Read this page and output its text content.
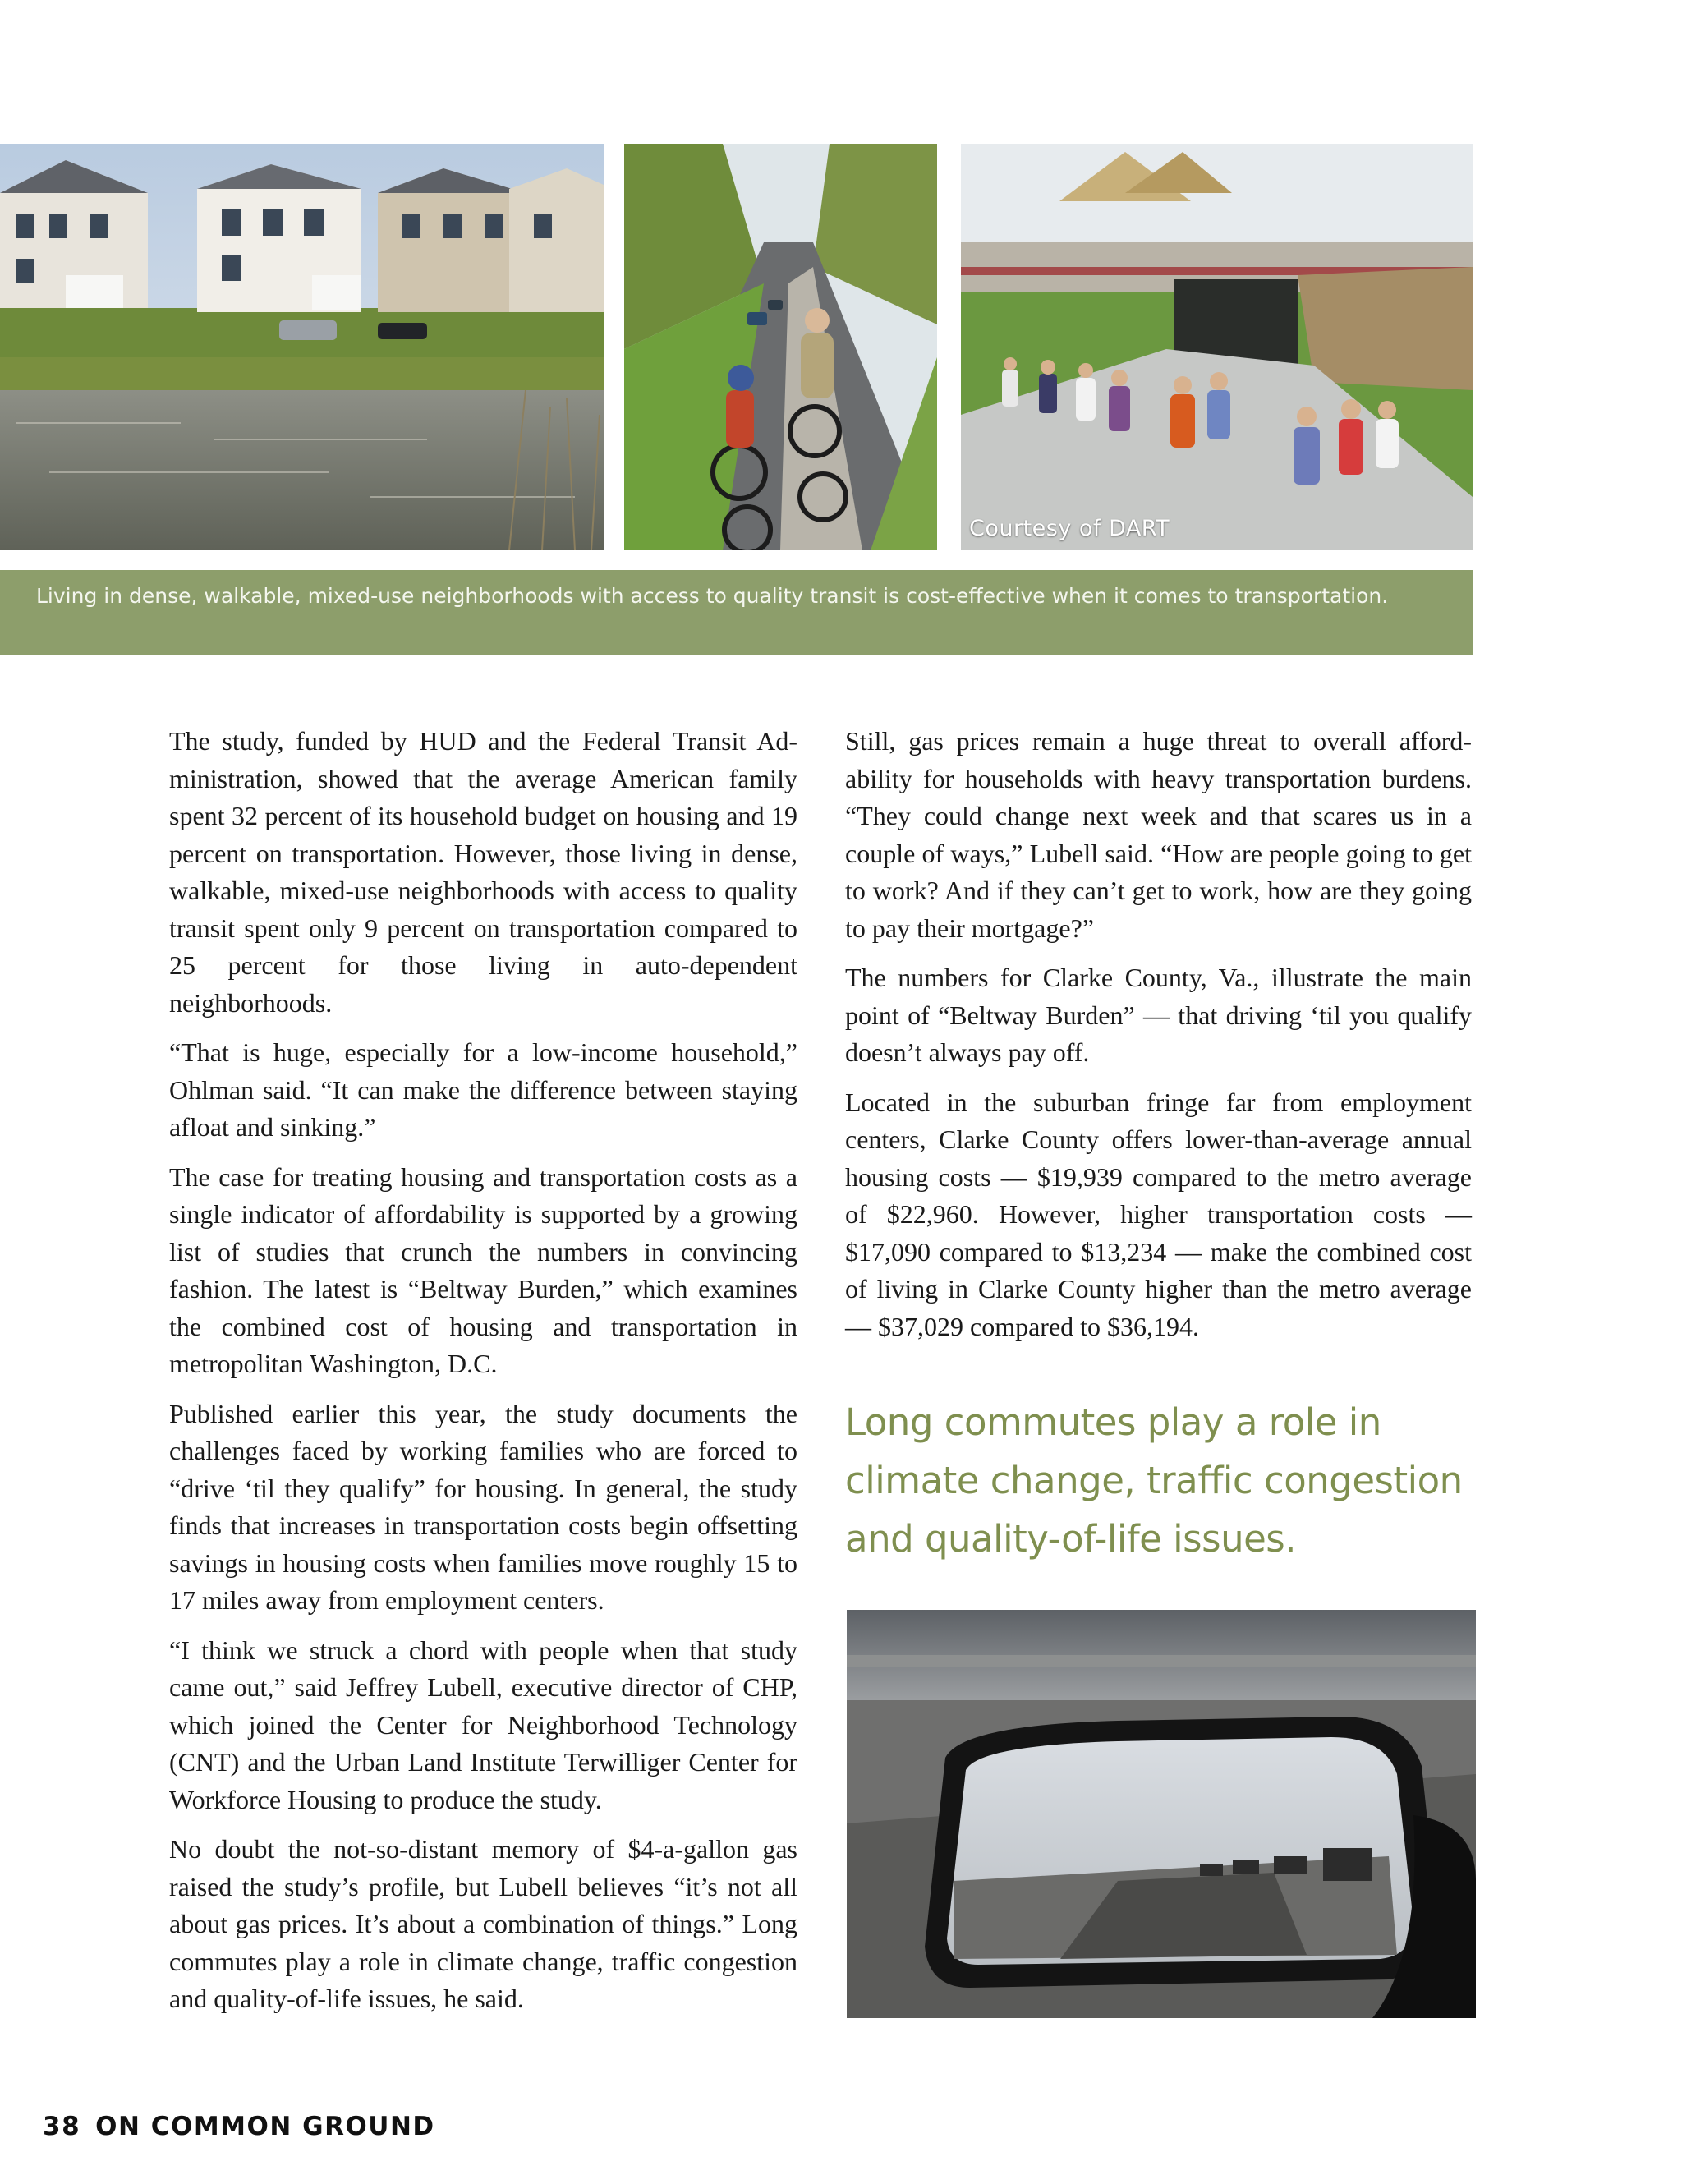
Courtesy of DART
Living in dense, walkable, mixed-use neighborhoods with access to quality transit is cost-effective when it comes to transportation.

The study, funded by HUD and the Federal Transit Administration, showed that the average American family spent 32 percent of its household budget on housing and 19 percent on transportation. However, those living in dense, walkable, mixed-use neighborhoods with access to quality transit spent only 9 percent on transportation compared to 25 percent for those living in auto-dependent neighborhoods.

“That is huge, especially for a low-income household,” Ohlman said. “It can make the difference between staying afloat and sinking.”

The case for treating housing and transportation costs as a single indicator of affordability is supported by a growing list of studies that crunch the numbers in convincing fashion. The latest is “Beltway Burden,” which examines the combined cost of housing and transportation in metropolitan Washington, D.C.

Published earlier this year, the study documents the challenges faced by working families who are forced to “drive ‘til they qualify” for housing. In general, the study finds that increases in transportation costs begin offsetting savings in housing costs when families move roughly 15 to 17 miles away from employment centers.

“I think we struck a chord with people when that study came out,” said Jeffrey Lubell, executive director of CHP, which joined the Center for Neighborhood Technology (CNT) and the Urban Land Institute Terwilliger Center for Workforce Housing to produce the study.

No doubt the not-so-distant memory of $4-a-gallon gas raised the study’s profile, but Lubell believes “it’s not all about gas prices. It’s about a combination of things.” Long commutes play a role in climate change, traffic congestion and quality-of-life issues, he said.

Still, gas prices remain a huge threat to overall affordability for households with heavy transportation burdens. “They could change next week and that scares us in a couple of ways,” Lubell said. “How are people going to get to work? And if they can’t get to work, how are they going to pay their mortgage?”

The numbers for Clarke County, Va., illustrate the main point of “Beltway Burden” — that driving ‘til you qualify doesn’t always pay off.

Located in the suburban fringe far from employment centers, Clarke County offers lower-than-average annual housing costs — $19,939 compared to the metro average of $22,960. However, higher transportation costs — $17,090 compared to $13,234 — make the combined cost of living in Clarke County higher than the metro average — $37,029 compared to $36,194.

Long commutes play a role in climate change, traffic congestion and quality-of-life issues.
38 ON COMMON GROUND
